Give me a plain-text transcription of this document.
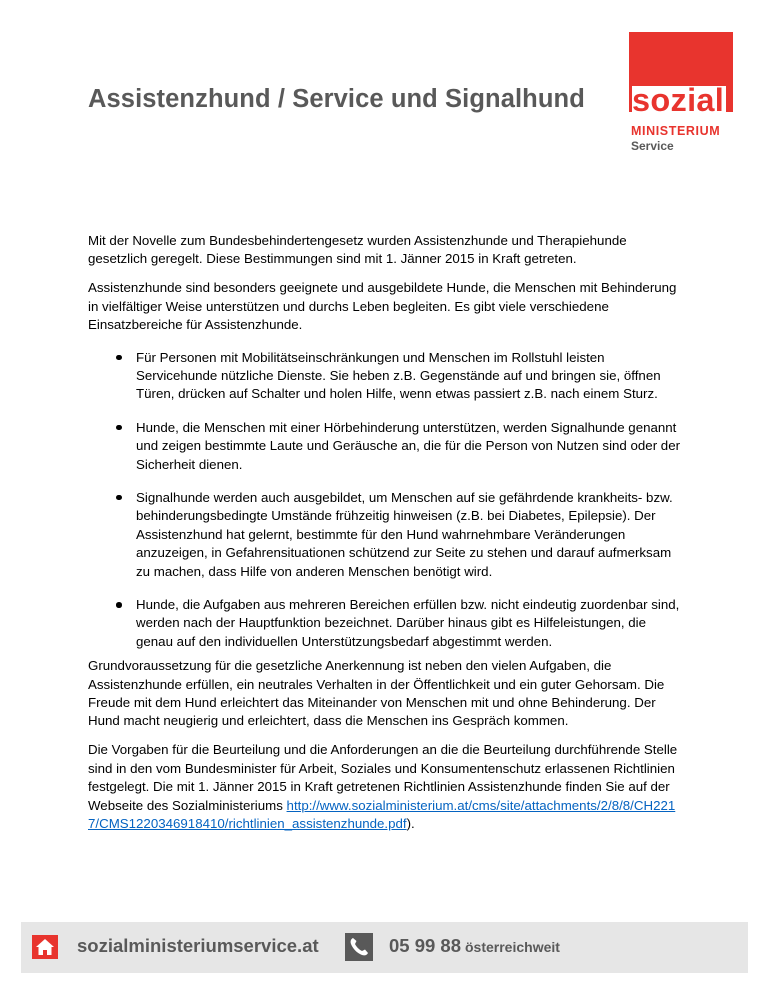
Assistenzhund / Service und Signalhund sozial
MINISTERIUM
Service

Mit der Novelle zum Bundesbehindertengesetz wurden Assistenzhunde und Therapiehunde gesetzlich geregelt. Diese Bestimmungen sind mit 1. Jänner 2015 in Kraft getreten.

Assistenzhunde sind besonders geeignete und ausgebildete Hunde, die Menschen mit Behinderung in vielfältiger Weise unterstützen und durchs Leben begleiten. Es gibt viele verschiedene Einsatzbereiche für Assistenzhunde.

Für Personen mit Mobilitätseinschränkungen und Menschen im Rollstuhl leisten Servicehunde nützliche Dienste. Sie heben z.B. Gegenstände auf und bringen sie, öffnen Türen, drücken auf Schalter und holen Hilfe, wenn etwas passiert z.B. nach einem Sturz.
Hunde, die Menschen mit einer Hörbehinderung unterstützen, werden Signalhunde genannt und zeigen bestimmte Laute und Geräusche an, die für die Person von Nutzen sind oder der Sicherheit dienen.
Signalhunde werden auch ausgebildet, um Menschen auf sie gefährdende krankheits- bzw. behinderungsbedingte Umstände frühzeitig hinweisen (z.B. bei Diabetes, Epilepsie). Der Assistenzhund hat gelernt, bestimmte für den Hund wahrnehmbare Veränderungen anzuzeigen, in Gefahrensituationen schützend zur Seite zu stehen und darauf aufmerksam zu machen, dass Hilfe von anderen Menschen benötigt wird.
Hunde, die Aufgaben aus mehreren Bereichen erfüllen bzw. nicht eindeutig zuordenbar sind, werden nach der Hauptfunktion bezeichnet. Darüber hinaus gibt es Hilfeleistungen, die genau auf den individuellen Unterstützungsbedarf abgestimmt werden.

Grundvoraussetzung für die gesetzliche Anerkennung ist neben den vielen Aufgaben, die Assistenzhunde erfüllen, ein neutrales Verhalten in der Öffentlichkeit und ein guter Gehorsam. Die Freude mit dem Hund erleichtert das Miteinander von Menschen mit und ohne Behinderung. Der Hund macht neugierig und erleichtert, dass die Menschen ins Gespräch kommen.

Die Vorgaben für die Beurteilung und die Anforderungen an die die Beurteilung durchführende Stelle sind in den vom Bundesminister für Arbeit, Soziales und Konsumentenschutz erlassenen Richtlinien festgelegt. Die mit 1. Jänner 2015 in Kraft getretenen Richtlinien Assistenzhunde finden Sie auf der Webseite des Sozialministeriums http://www.sozialministerium.at/cms/site/attachments/2/8/8/CH2217/CMS1220346918410/richtlinien_assistenzhunde.pdf).

sozialministeriumservice.at	05 99 88 österreichweit
